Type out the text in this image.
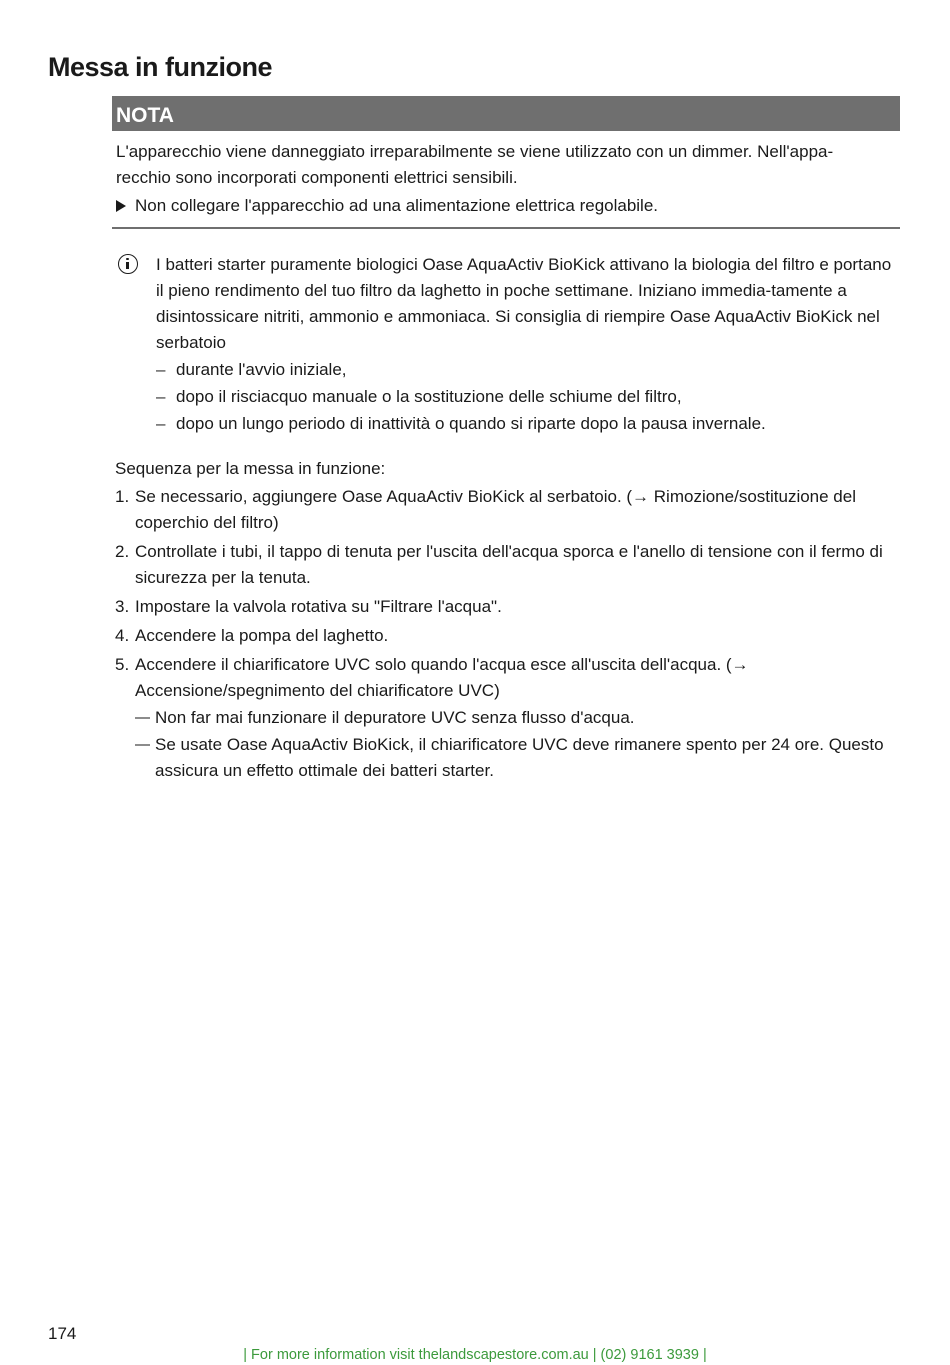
Messa in funzione
NOTA

L'apparecchio viene danneggiato irreparabilmente se viene utilizzato con un dimmer. Nell'appa-recchio sono incorporati componenti elettrici sensibili.

Non collegare l'apparecchio ad una alimentazione elettrica regolabile.

I batteri starter puramente biologici Oase AquaActiv BioKick attivano la biologia del filtro e portano il pieno rendimento del tuo filtro da laghetto in poche settimane. Iniziano immedia-tamente a disintossicare nitriti, ammonio e ammoniaca. Si consiglia di riempire Oase AquaActiv BioKick nel serbatoio

– durante l'avvio iniziale,
– dopo il risciacquo manuale o la sostituzione delle schiume del filtro,
– dopo un lungo periodo di inattività o quando si riparte dopo la pausa invernale.

Sequenza per la messa in funzione:

1. Se necessario, aggiungere Oase AquaActiv BioKick al serbatoio. (→ Rimozione/sostituzione del coperchio del filtro)
2. Controllate i tubi, il tappo di tenuta per l'uscita dell'acqua sporca e l'anello di tensione con il fermo di sicurezza per la tenuta.
3. Impostare la valvola rotativa su "Filtrare l'acqua".
4. Accendere la pompa del laghetto.
5. Accendere il chiarificatore UVC solo quando l'acqua esce all'uscita dell'acqua. (→ Accensione/spegnimento del chiarificatore UVC)
— Non far mai funzionare il depuratore UVC senza flusso d'acqua.
— Se usate Oase AquaActiv BioKick, il chiarificatore UVC deve rimanere spento per 24 ore. Questo assicura un effetto ottimale dei batteri starter.
174
| For more information visit thelandscapestore.com.au | (02) 9161 3939 |
